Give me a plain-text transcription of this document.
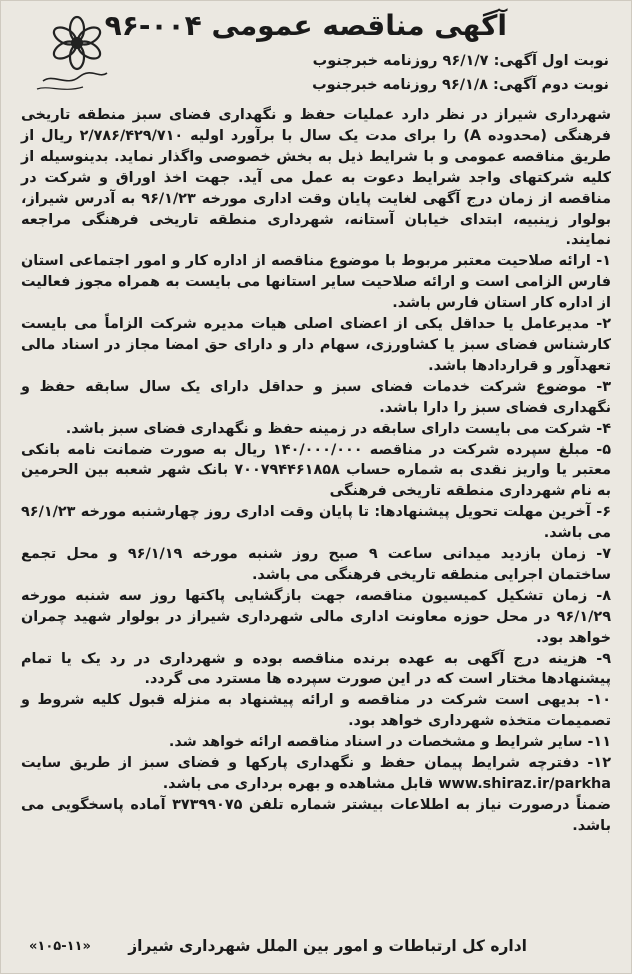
آگهی مناقصه عمومی ۰۰۴-۹۶
نوبت اول آگهی: ۹۶/۱/۷ روزنامه خبرجنوب
نوبت دوم آگهی: ۹۶/۱/۸ روزنامه خبرجنوب

شهرداری شیراز در نظر دارد عملیات حفظ و نگهداری فضای سبز منطقه تاریخی فرهنگی (محدوده A) را برای مدت یک سال با برآورد اولیه ۲/۷۸۶/۴۲۹/۷۱۰ ریال از طریق مناقصه عمومی و با شرایط ذیل به بخش خصوصی واگذار نماید. بدینوسیله از کلیه شرکتهای واجد شرایط دعوت به عمل می آید. جهت اخذ اوراق و شرکت در مناقصه از زمان درج آگهی لغایت پایان وقت اداری مورخه ۹۶/۱/۲۳ به آدرس شیراز، بولوار زینبیه، ابتدای خیابان آستانه، شهرداری منطقه تاریخی فرهنگی مراجعه نمایند.

۱- ارائه صلاحیت معتبر مربوط با موضوع مناقصه از اداره کار و امور اجتماعی استان فارس الزامی است و ارائه صلاحیت سایر استانها می بایست به همراه مجوز فعالیت از اداره کار استان فارس باشد.

۲- مدیرعامل یا حداقل یکی از اعضای اصلی هیات مدیره شرکت الزاماً می بایست کارشناس فضای سبز یا کشاورزی، سهام دار و دارای حق امضا مجاز در اسناد مالی تعهدآور و قراردادها باشد.

۳- موضوع شرکت خدمات فضای سبز و حداقل دارای یک سال سابقه حفظ و نگهداری فضای سبز را دارا باشد.

۴- شرکت می بایست دارای سابقه در زمینه حفظ و نگهداری فضای سبز باشد.

۵- مبلغ سپرده شرکت در مناقصه ۱۴۰/۰۰۰/۰۰۰ ریال به صورت ضمانت نامه بانکی معتبر یا واریز نقدی به شماره حساب ۷۰۰۷۹۴۴۶۱۸۵۸ بانک شهر شعبه بین الحرمین به نام شهرداری منطقه تاریخی فرهنگی

۶- آخرین مهلت تحویل پیشنهادها: تا پایان وقت اداری روز چهارشنبه مورخه ۹۶/۱/۲۳ می باشد.

۷- زمان بازدید میدانی ساعت ۹ صبح روز شنبه مورخه ۹۶/۱/۱۹ و محل تجمع ساختمان اجرایی منطقه تاریخی فرهنگی می باشد.

۸- زمان تشکیل کمیسیون مناقصه، جهت بازگشایی پاکتها روز سه شنبه مورخه ۹۶/۱/۲۹ در محل حوزه معاونت اداری مالی شهرداری شیراز در بولوار شهید چمران خواهد بود.

۹- هزینه درج آگهی به عهده برنده مناقصه بوده و شهرداری در رد یک یا تمام پیشنهادها مختار است که در این صورت سپرده ها مسترد می گردد.

۱۰- بدیهی است شرکت در مناقصه و ارائه پیشنهاد به منزله قبول کلیه شروط و تصمیمات متخذه شهرداری خواهد بود.

۱۱- سایر شرایط و مشخصات در اسناد مناقصه ارائه خواهد شد.

۱۲- دفترچه شرایط پیمان حفظ و نگهداری پارکها و فضای سبز از طریق سایت www.shiraz.ir/parkha قابل مشاهده و بهره برداری می باشد.

ضمناً درصورت نیاز به اطلاعات بیشتر شماره تلفن ۳۷۳۹۹۰۷۵ آماده پاسخگویی می باشد.

اداره کل ارتباطات و امور بین الملل شهرداری شیراز
«۱۰۵-۱۱»
